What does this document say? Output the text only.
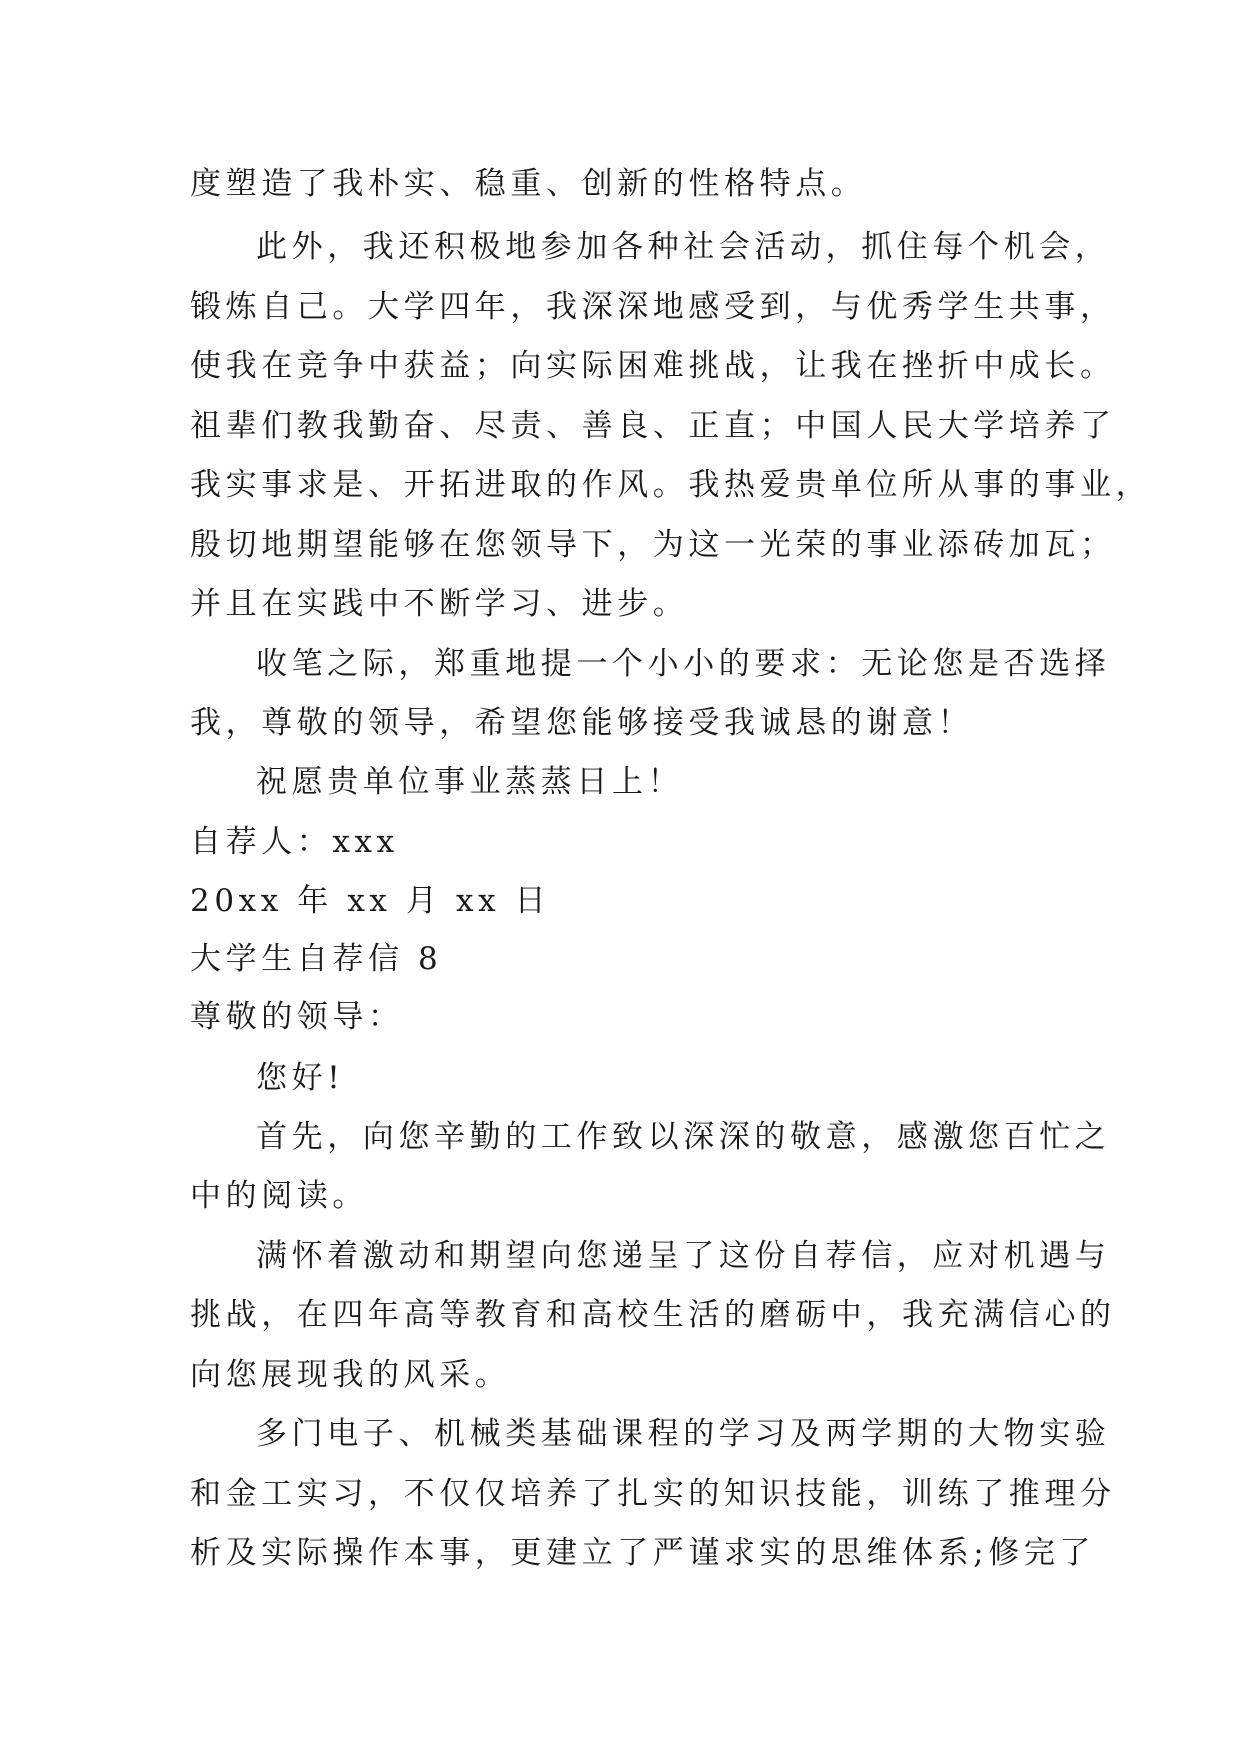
度塑造了我朴实、稳重、创新的性格特点。
此外，我还积极地参加各种社会活动，抓住每个机会，
锻炼自己。大学四年，我深深地感受到，与优秀学生共事，
使我在竞争中获益；向实际困难挑战，让我在挫折中成长。
祖辈们教我勤奋、尽责、善良、正直；中国人民大学培养了
我实事求是、开拓进取的作风。我热爱贵单位所从事的事业，
殷切地期望能够在您领导下，为这一光荣的事业添砖加瓦；
并且在实践中不断学习、进步。
收笔之际，郑重地提一个小小的要求：无论您是否选择
我，尊敬的领导，希望您能够接受我诚恳的谢意！
祝愿贵单位事业蒸蒸日上！
自荐人：xxx
20xx 年 xx 月 xx 日
大学生自荐信 8
尊敬的领导：
您好!
首先，向您辛勤的工作致以深深的敬意，感激您百忙之
中的阅读。
满怀着激动和期望向您递呈了这份自荐信，应对机遇与
挑战，在四年高等教育和高校生活的磨砺中，我充满信心的
向您展现我的风采。
多门电子、机械类基础课程的学习及两学期的大物实验
和金工实习，不仅仅培养了扎实的知识技能，训练了推理分
析及实际操作本事，更建立了严谨求实的思维体系;修完了
